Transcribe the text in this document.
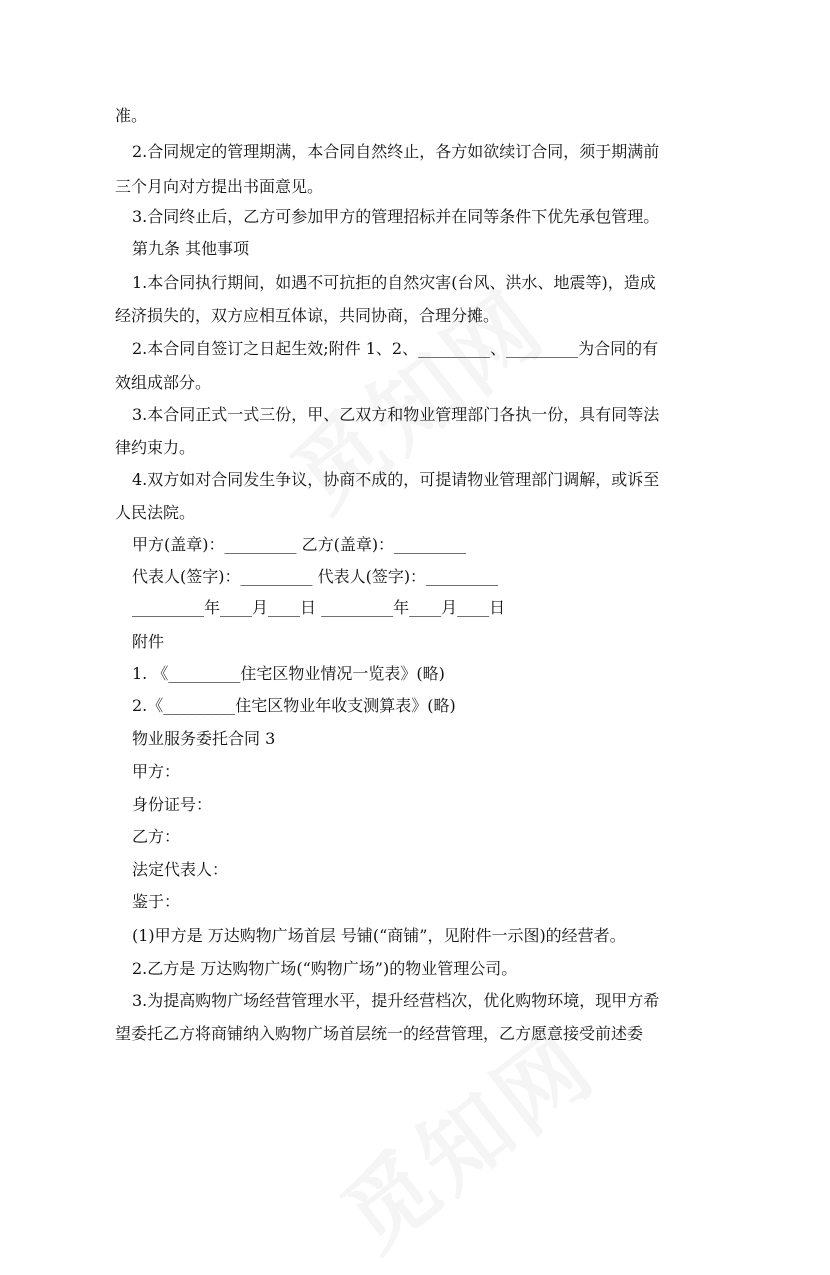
准。
2.合同规定的管理期满，本合同自然终止，各方如欲续订合同，须于期满前
三个月向对方提出书面意见。
3.合同终止后，乙方可参加甲方的管理招标并在同等条件下优先承包管理。
第九条 其他事项
1.本合同执行期间，如遇不可抗拒的自然灾害(台风、洪水、地震等)，造成
经济损失的，双方应相互体谅，共同协商，合理分摊。
2.本合同自签订之日起生效;附件 1、2、_________、_________为合同的有
效组成部分。
3.本合同正式一式三份，甲、乙双方和物业管理部门各执一份，具有同等法
律约束力。
4.双方如对合同发生争议，协商不成的，可提请物业管理部门调解，或诉至
人民法院。
甲方(盖章)：_________ 乙方(盖章)：_________
代表人(签字)：_________ 代表人(签字)：_________
_________年____月____日 _________年____月____日
附件
1. 《_________住宅区物业情况一览表》(略)
2.《_________住宅区物业年收支测算表》(略)
物业服务委托合同 3
甲方：
身份证号：
乙方：
法定代表人：
鉴于：
(1)甲方是 万达购物广场首层 号铺(“商铺”，见附件一示图)的经营者。
2.乙方是 万达购物广场(“购物广场”)的物业管理公司。
3.为提高购物广场经营管理水平，提升经营档次，优化购物环境，现甲方希
望委托乙方将商铺纳入购物广场首层统一的经营管理，乙方愿意接受前述委
